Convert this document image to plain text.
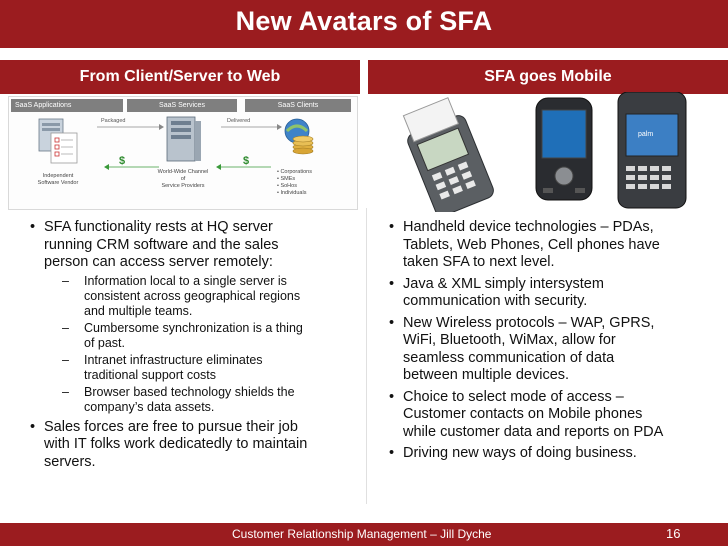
New Avatars of SFA
From Client/Server to Web	SFA goes Mobile
SaaS Applications	SaaS Services	SaaS Clients
Packaged	Delivered
$	$
Independent
Software Vendor
World-Wide Channel
of
Service Providers
• Corporations
• SMEs
• SoHos
• Individuals
palm
• SFA functionality rests at HQ server
running CRM software and the sales
person can access server remotely:
– Information local to a single server is
consistent across geographical regions
and multiple teams.
– Cumbersome synchronization is a thing
of past.
– Intranet infrastructure eliminates
traditional support costs
– Browser based technology shields the
company’s data assets.
• Sales forces are free to pursue their job
with IT folks work dedicatedly to maintain
servers.
• Handheld device technologies – PDAs,
Tablets, Web Phones, Cell phones have
taken SFA to next level.
• Java & XML simply intersystem
communication with security.
• New Wireless protocols – WAP, GPRS,
WiFi, Bluetooth, WiMax, allow for
seamless communication of data
between multiple devices.
• Choice to select mode of access –
Customer contacts on Mobile phones
while customer data and reports on PDA
• Driving new ways of doing business.
Customer Relationship Management – Jill Dyche	16
